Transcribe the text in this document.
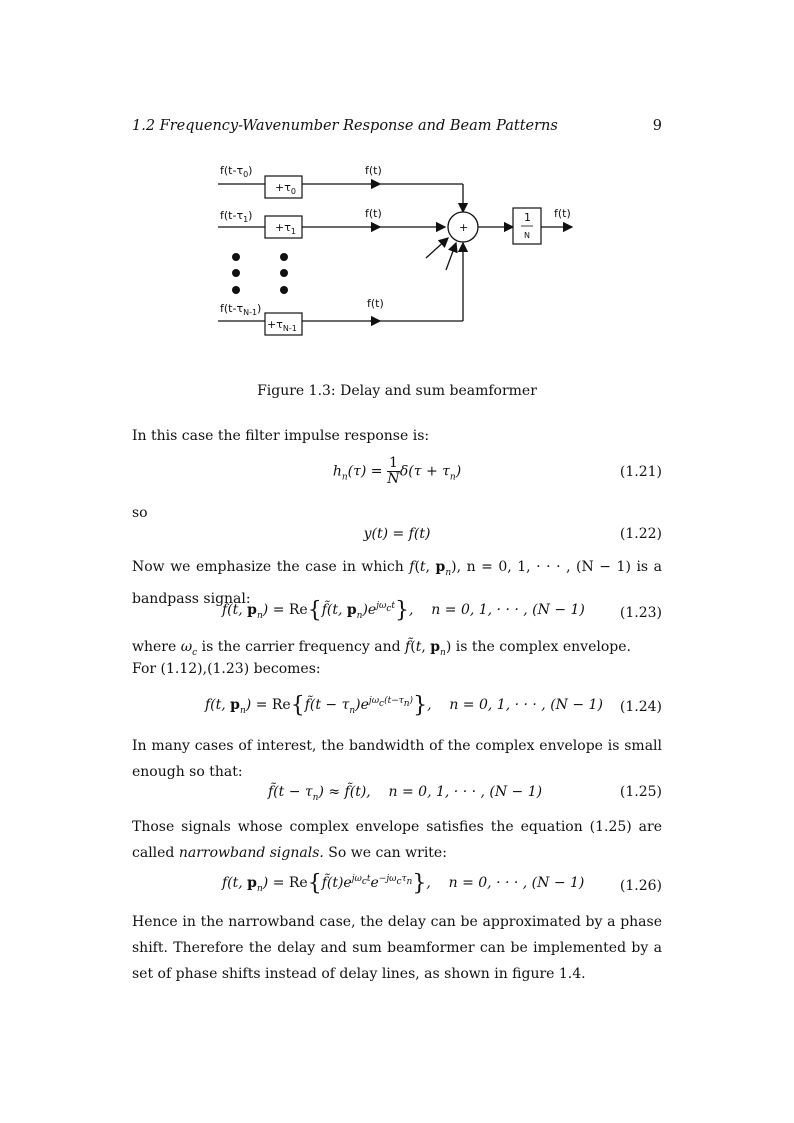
1.2 Frequency-Wavenumber Response and Beam Patterns	9
$f(t-\tau_0)$
$f(t-\tau_1)$
$f(t-\tau_{N-1})$
$+\tau_0$
$+\tau_1$
$+\tau_{N-1}$
f(t)
f(t)
f(t)
+
1
N
f(t)
Figure 1.3: Delay and sum beamformer
In this case the filter impulse response is:
$h_n(\tau) = \frac{1}{N} \delta(\tau + \tau_n)$	(1.21)
so
y(t) = f(t)	(1.22)
Now we emphasize the case in which f(t, $p_n$), n = 0, 1, · · · , (N − 1) is a bandpass signal:
f(t, $p_n$) = Re{f̃(t, $p_n)e^{j\omega_ct}$},    n = 0, 1, · · · , (N − 1)	(1.23)
where $\omega_c$ is the carrier frequency and f̃(t, $p_n$) is the complex envelope.
For (1.12),(1.23) becomes:
f(t, $p_n$) = Re{f̃(t − $\tau_n)e^{j\omega_c(t-\tau_n)}$},    n = 0, 1, · · · , (N − 1)	(1.24)
In many cases of interest, the bandwidth of the complex envelope is small enough so that:
f̃(t − $\tau_n$) ≈ f̃(t),    n = 0, 1, · · · , (N − 1)	(1.25)
Those signals whose complex envelope satisfies the equation (1.25) are called narrowband signals. So we can write:
f(t, $p_n$) = $Re\{f̃(t)e^{j\omega_ct}e^{-j\omega_c\tau_n}\}$,    n = 0, · · · , (N − 1)	(1.26)
Hence in the narrowband case, the delay can be approximated by a phase shift. Therefore the delay and sum beamformer can be implemented by a set of phase shifts instead of delay lines, as shown in figure 1.4.
